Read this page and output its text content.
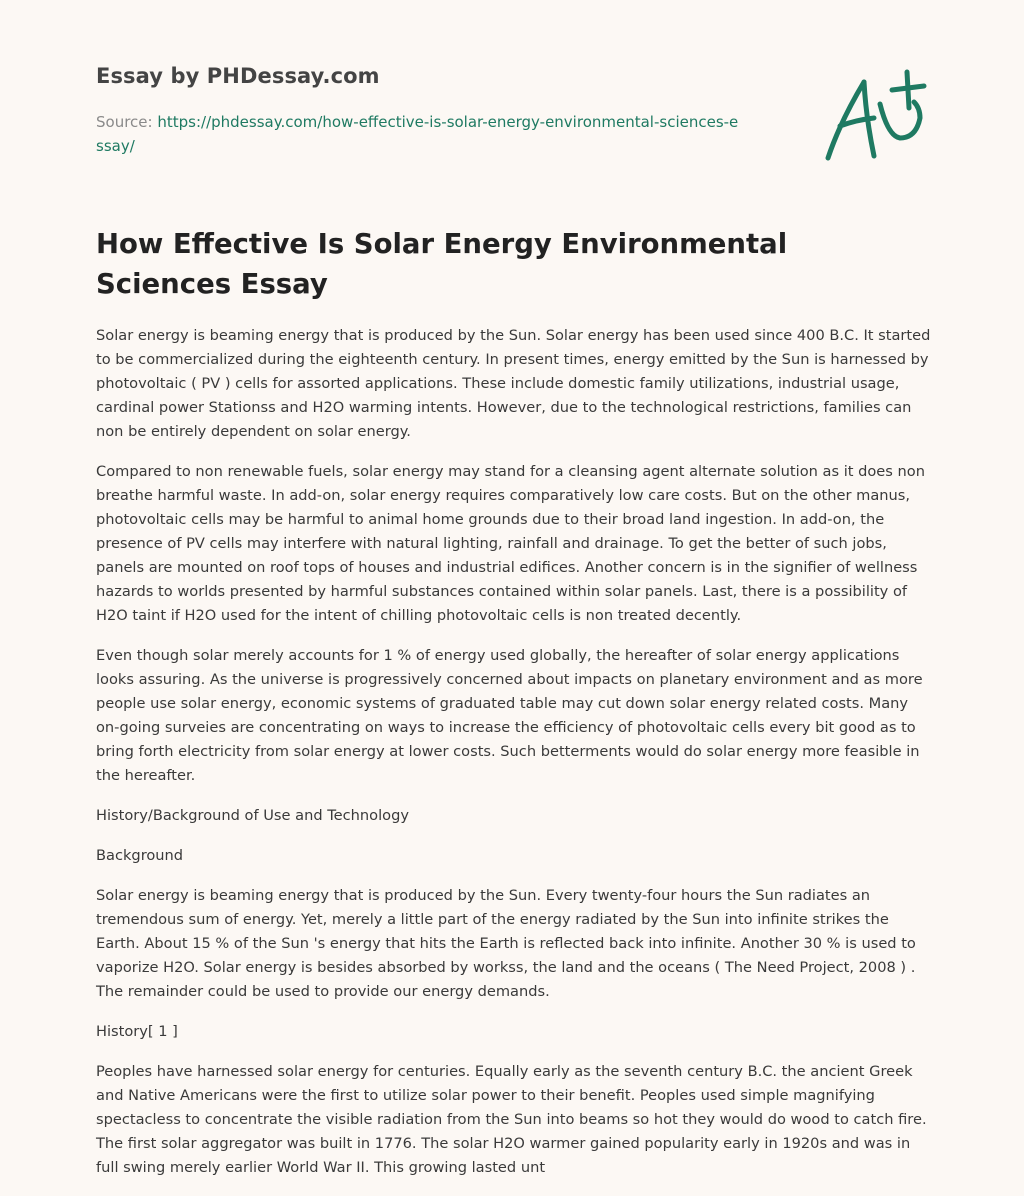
Essay by PHDessay.com
Source: https://phdessay.com/how-effective-is-solar-energy-environmental-sciences-essay/
How Effective Is Solar Energy Environmental Sciences Essay

Solar energy is beaming energy that is produced by the Sun. Solar energy has been used since 400 B.C. It started to be commercialized during the eighteenth century. In present times, energy emitted by the Sun is harnessed by photovoltaic ( PV ) cells for assorted applications. These include domestic family utilizations, industrial usage, cardinal power Stationss and H2O warming intents. However, due to the technological restrictions, families can non be entirely dependent on solar energy.

Compared to non renewable fuels, solar energy may stand for a cleansing agent alternate solution as it does non breathe harmful waste. In add-on, solar energy requires comparatively low care costs. But on the other manus, photovoltaic cells may be harmful to animal home grounds due to their broad land ingestion. In add-on, the presence of PV cells may interfere with natural lighting, rainfall and drainage. To get the better of such jobs, panels are mounted on roof tops of houses and industrial edifices. Another concern is in the signifier of wellness hazards to worlds presented by harmful substances contained within solar panels. Last, there is a possibility of H2O taint if H2O used for the intent of chilling photovoltaic cells is non treated decently.

Even though solar merely accounts for 1 % of energy used globally, the hereafter of solar energy applications looks assuring. As the universe is progressively concerned about impacts on planetary environment and as more people use solar energy, economic systems of graduated table may cut down solar energy related costs. Many on-going surveies are concentrating on ways to increase the efficiency of photovoltaic cells every bit good as to bring forth electricity from solar energy at lower costs. Such betterments would do solar energy more feasible in the hereafter.

History/Background of Use and Technology

Background

Solar energy is beaming energy that is produced by the Sun. Every twenty-four hours the Sun radiates an tremendous sum of energy. Yet, merely a little part of the energy radiated by the Sun into infinite strikes the Earth. About 15 % of the Sun 's energy that hits the Earth is reflected back into infinite. Another 30 % is used to vaporize H2O. Solar energy is besides absorbed by workss, the land and the oceans ( The Need Project, 2008 ) . The remainder could be used to provide our energy demands.

History[ 1 ]

Peoples have harnessed solar energy for centuries. Equally early as the seventh century B.C. the ancient Greek and Native Americans were the first to utilize solar power to their benefit. Peoples used simple magnifying spectacless to concentrate the visible radiation from the Sun into beams so hot they would do wood to catch fire. The first solar aggregator was built in 1776. The solar H2O warmer gained popularity early in 1920s and was in full swing merely earlier World War II. This growing lasted unt
